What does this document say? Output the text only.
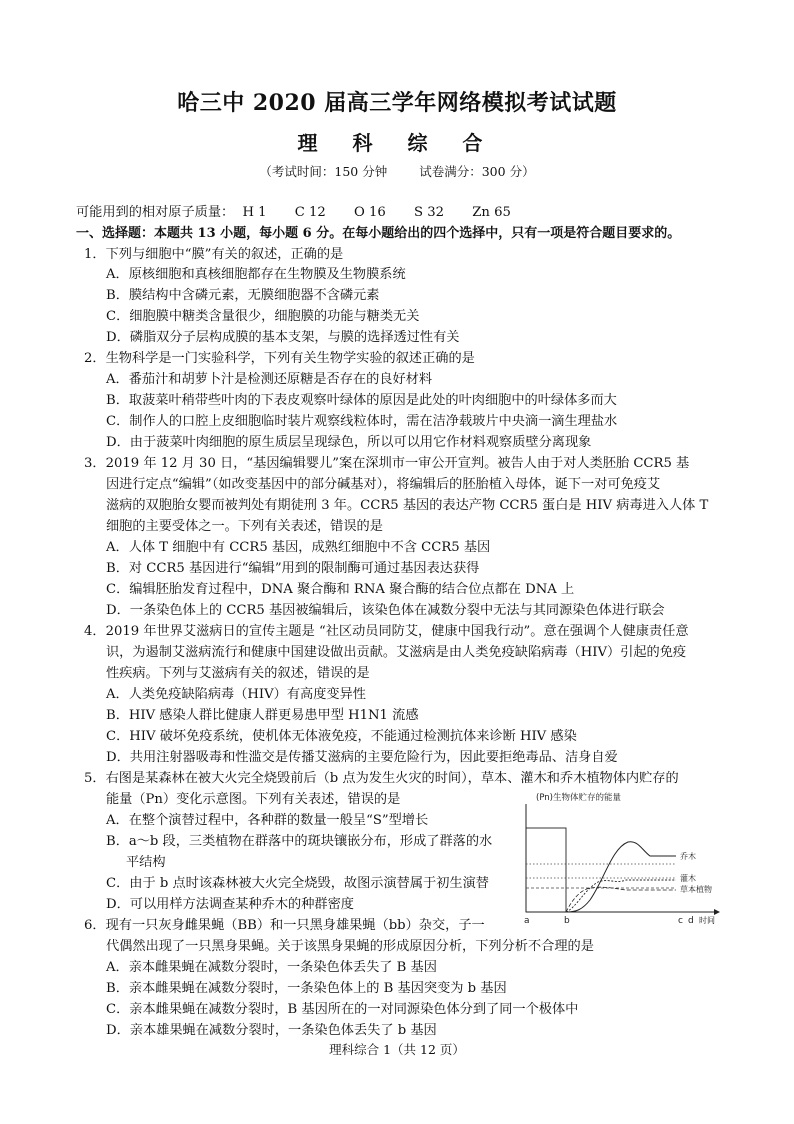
哈三中 2020 届高三学年网络模拟考试试题
理 科 综 合
（考试时间：150 分钟	试卷满分：300 分）
可能用到的相对原子质量： H 1 C 12 O 16 S 32 Zn 65
一、选择题：本题共 13 小题，每小题 6 分。在每小题给出的四个选择中，只有一项是符合题目要求的。
1．下列与细胞中“膜”有关的叙述，正确的是
A．原核细胞和真核细胞都存在生物膜及生物膜系统
B．膜结构中含磷元素，无膜细胞器不含磷元素
C．细胞膜中糖类含量很少，细胞膜的功能与糖类无关
D．磷脂双分子层构成膜的基本支架，与膜的选择透过性有关
2．生物科学是一门实验科学，下列有关生物学实验的叙述正确的是
A．番茄汁和胡萝卜汁是检测还原糖是否存在的良好材料
B．取菠菜叶稍带些叶肉的下表皮观察叶绿体的原因是此处的叶肉细胞中的叶绿体多而大
C．制作人的口腔上皮细胞临时装片观察线粒体时，需在洁净载玻片中央滴一滴生理盐水
D．由于菠菜叶肉细胞的原生质层呈现绿色，所以可以用它作材料观察质壁分离现象
3．2019 年 12 月 30 日，“基因编辑婴儿”案在深圳市一审公开宣判。被告人由于对人类胚胎 CCR5 基
因进行定点“编辑”（如改变基因中的部分碱基对），将编辑后的胚胎植入母体，诞下一对可免疫艾
滋病的双胞胎女婴而被判处有期徒刑 3 年。CCR5 基因的表达产物 CCR5 蛋白是 HIV 病毒进入人体 T
细胞的主要受体之一。下列有关表述，错误的是
A．人体 T 细胞中有 CCR5 基因，成熟红细胞中不含 CCR5 基因
B．对 CCR5 基因进行“编辑”用到的限制酶可通过基因表达获得
C．编辑胚胎发育过程中，DNA 聚合酶和 RNA 聚合酶的结合位点都在 DNA 上
D．一条染色体上的 CCR5 基因被编辑后，该染色体在减数分裂中无法与其同源染色体进行联会
4．2019 年世界艾滋病日的宣传主题是 “社区动员同防艾，健康中国我行动”。意在强调个人健康责任意
识，为遏制艾滋病流行和健康中国建设做出贡献。艾滋病是由人类免疫缺陷病毒（HIV）引起的免疫
性疾病。下列与艾滋病有关的叙述，错误的是
A．人类免疫缺陷病毒（HIV）有高度变异性
B．HIV 感染人群比健康人群更易患甲型 H1N1 流感
C．HIV 破坏免疫系统，使机体无体液免疫，不能通过检测抗体来诊断 HIV 感染
D．共用注射器吸毒和性滥交是传播艾滋病的主要危险行为，因此要拒绝毒品、洁身自爱
5．右图是某森林在被大火完全烧毁前后（b 点为发生火灾的时间），草本、灌木和乔木植物体内贮存的
能量（Pn）变化示意图。下列有关表述，错误的是
A．在整个演替过程中，各种群的数量一般呈“S”型增长
B．a～b 段，三类植物在群落中的斑块镶嵌分布，形成了群落的水
平结构
C．由于 b 点时该森林被大火完全烧毁，故图示演替属于初生演替
D．可以用样方法调查某种乔木的种群密度
6．现有一只灰身雌果蝇（BB）和一只黑身雄果蝇（bb）杂交，子一
代偶然出现了一只黑身果蝇。关于该黑身果蝇的形成原因分析，下列分析不合理的是
A．亲本雌果蝇在减数分裂时，一条染色体丢失了 B 基因
B．亲本雌果蝇在减数分裂时，一条染色体上的 B 基因突变为 b 基因
C．亲本雌果蝇在减数分裂时，B 基因所在的一对同源染色体分到了同一个极体中
D．亲本雄果蝇在减数分裂时，一条染色体丢失了 b 基因
(Pn)生物体贮存的能量
乔木
灌木
草本植物
a	b	c d 时间
理科综合 1（共 12 页）
